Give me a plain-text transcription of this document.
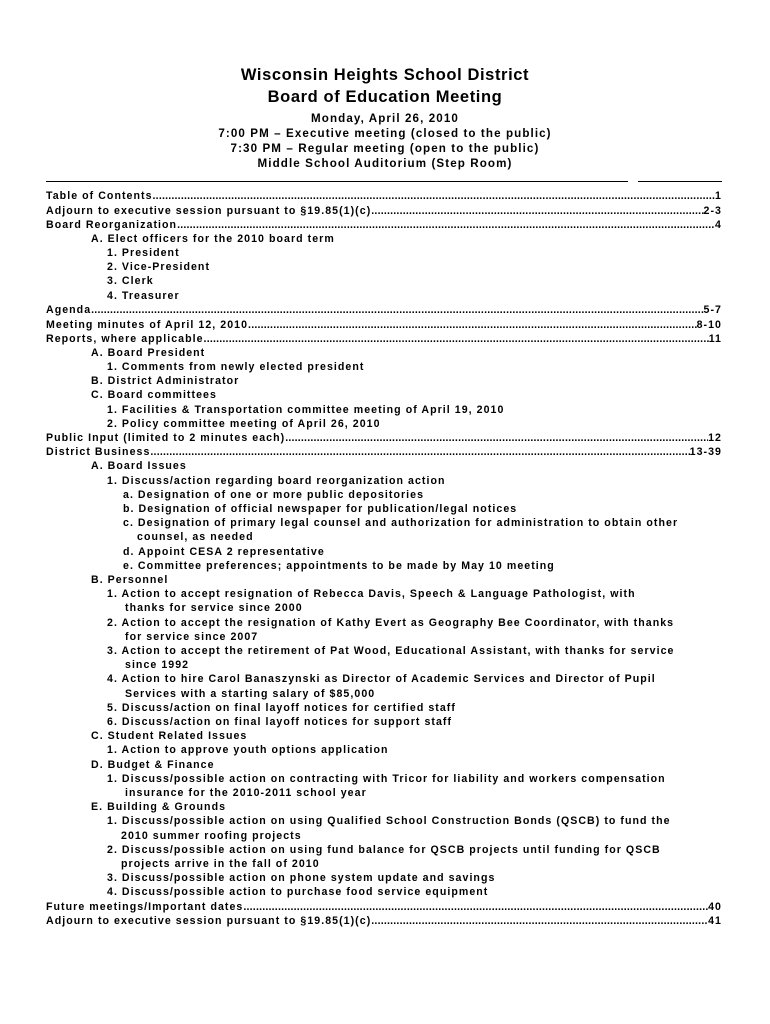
Wisconsin Heights School District
Board of Education Meeting
Monday, April 26, 2010
7:00 PM – Executive meeting (closed to the public)
7:30 PM – Regular meeting (open to the public)
Middle School Auditorium (Step Room)
Table of Contents .....	1
Adjourn to executive session pursuant to §19.85(1)(c) .....	2-3
Board Reorganization .....	4
A. Elect officers for the 2010 board term
1. President
2. Vice-President
3. Clerk
4. Treasurer
Agenda .....	5-7
Meeting minutes of April 12, 2010 .....	8-10
Reports, where applicable .....	11
A. Board President
1. Comments from newly elected president
B. District Administrator
C. Board committees
1. Facilities & Transportation committee meeting of April 19, 2010
2. Policy committee meeting of April 26, 2010
Public Input (limited to 2 minutes each) .....	12
District Business .....	13-39
A. Board Issues
1. Discuss/action regarding board reorganization action
a. Designation of one or more public depositories
b. Designation of official newspaper for publication/legal notices
c. Designation of primary legal counsel and authorization for administration to obtain other
counsel, as needed
d. Appoint CESA 2 representative
e. Committee preferences; appointments to be made by May 10 meeting
B. Personnel
1. Action to accept resignation of Rebecca Davis, Speech & Language Pathologist, with
thanks for service since 2000
2. Action to accept the resignation of Kathy Evert as Geography Bee Coordinator, with thanks
for service since 2007
3. Action to accept the retirement of Pat Wood, Educational Assistant, with thanks for service
since 1992
4. Action to hire Carol Banaszynski as Director of Academic Services and Director of Pupil
Services with a starting salary of $85,000
5. Discuss/action on final layoff notices for certified staff
6. Discuss/action on final layoff notices for support staff
C. Student Related Issues
1. Action to approve youth options application
D. Budget & Finance
1. Discuss/possible action on contracting with Tricor for liability and workers compensation
insurance for the 2010-2011 school year
E. Building & Grounds
1. Discuss/possible action on using Qualified School Construction Bonds (QSCB) to fund the
2010 summer roofing projects
2. Discuss/possible action on using fund balance for QSCB projects until funding for QSCB
projects arrive in the fall of 2010
3. Discuss/possible action on phone system update and savings
4. Discuss/possible action to purchase food service equipment
Future meetings/Important dates .....	40
Adjourn to executive session pursuant to §19.85(1)(c) .....	41
